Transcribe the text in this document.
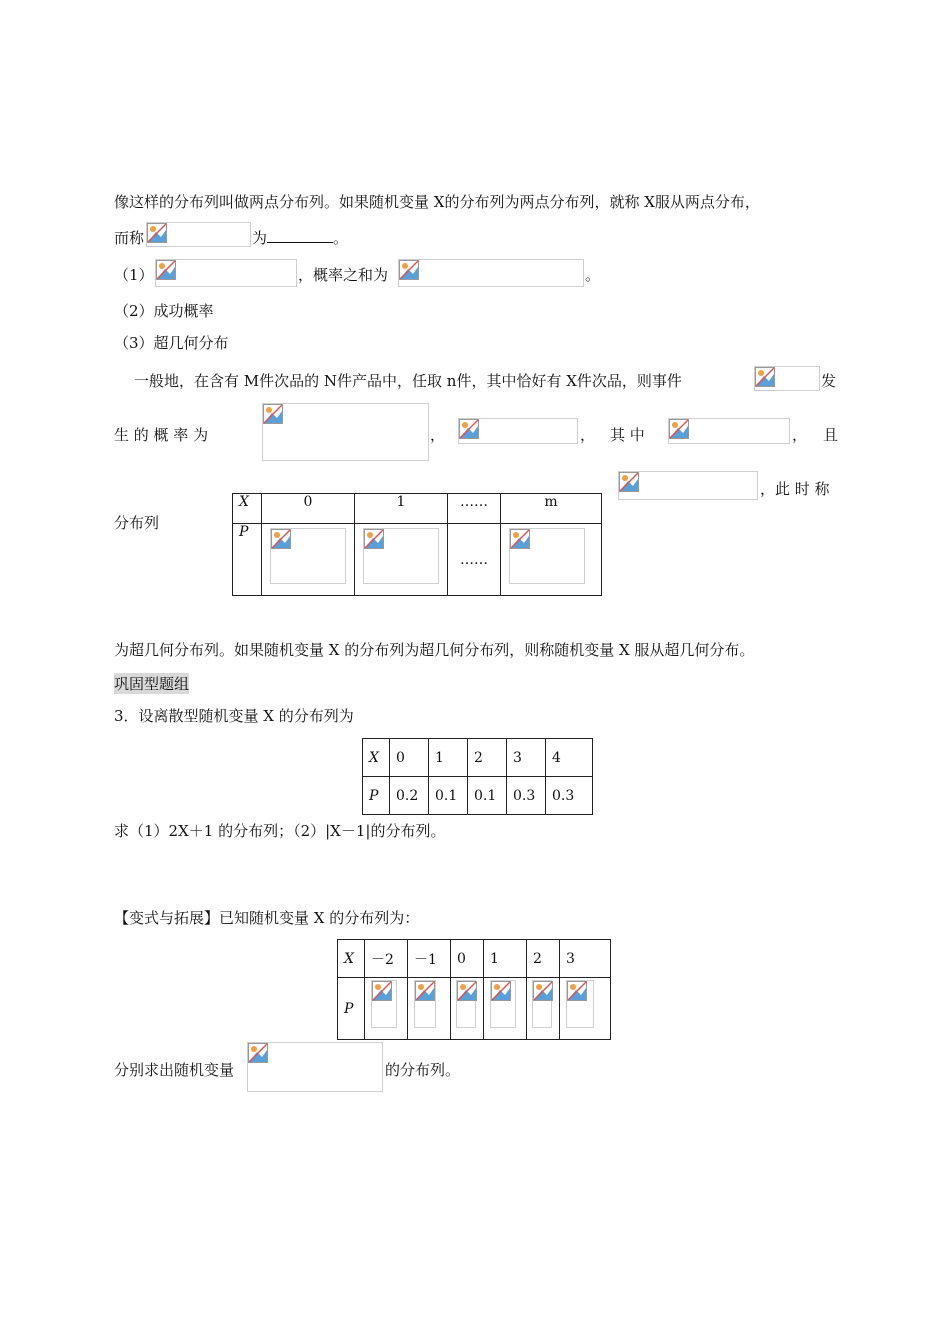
像这样的分布列叫做两点分布列。如果随机变量 X的分布列为两点分布列，就称 X服从两点分布，
而称	为	。
（1）	，概率之和为	。
（2）成功概率
（3）超几何分布
一般地，在含有 M件次品的 N件产品中，任取 n件，其中恰好有 X件次品，则事件	发
生 的 概 率 为	，	， 其 中	， 且
，此 时 称
分布列
X	0	1	……	m
P			……	
为超几何分布列。如果随机变量 X 的分布列为超几何分布列，则称随机变量 X 服从超几何分布。
巩固型题组
3．设离散型随机变量 X 的分布列为
X	0	1	2	3	4
P	0.2	0.1	0.1	0.3	0.3
求（1）2X＋1 的分布列；（2）|X－1|的分布列。
【变式与拓展】已知随机变量 X 的分布列为：
X	－2	－1	0	1	2	3
P	

分别求出随机变量	的分布列。
